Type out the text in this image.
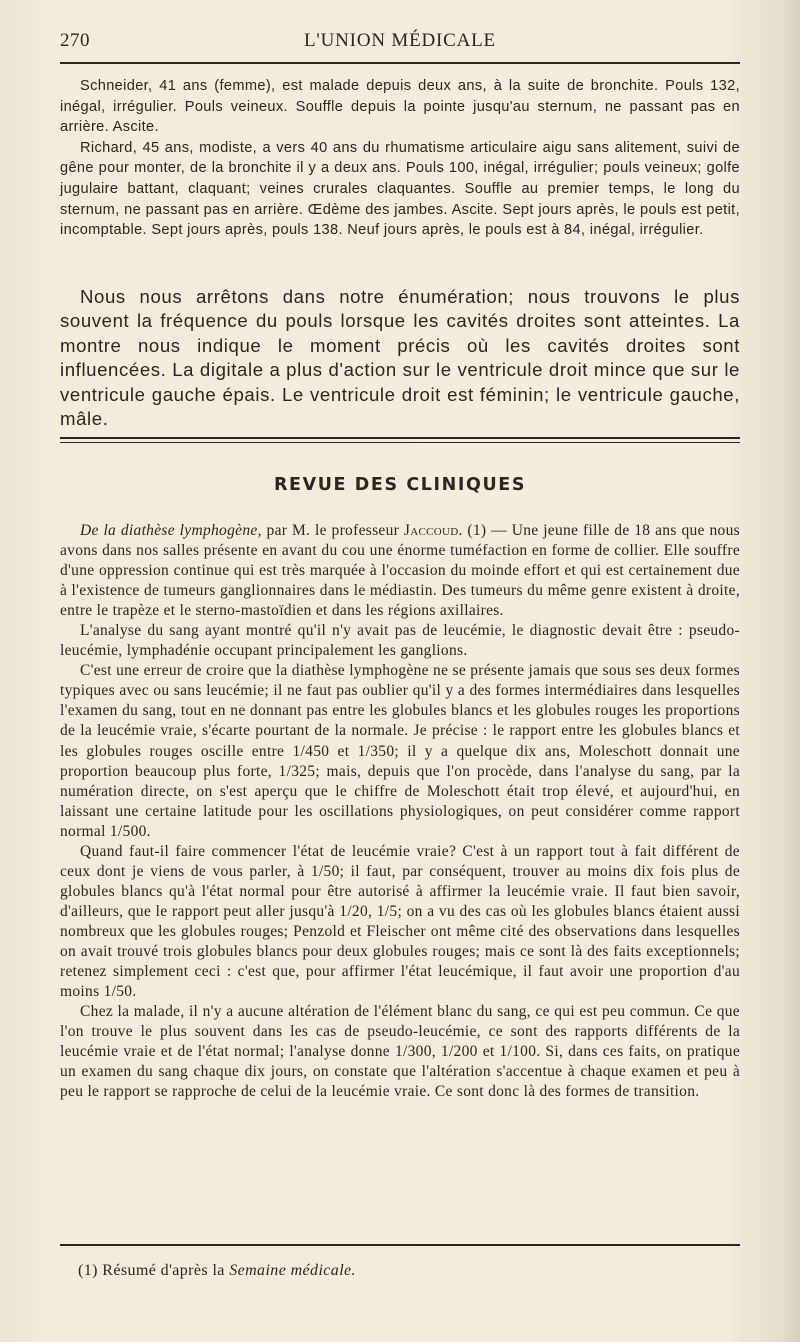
270	L'UNION MÉDICALE

Schneider, 41 ans (femme), est malade depuis deux ans, à la suite de bronchite. Pouls 132, inégal, irrégulier. Pouls veineux. Souffle depuis la pointe jusqu'au sternum, ne passant pas en arrière. Ascite.

Richard, 45 ans, modiste, a vers 40 ans du rhumatisme articulaire aigu sans alitement, suivi de gêne pour monter, de la bronchite il y a deux ans. Pouls 100, inégal, irrégulier; pouls veineux; golfe jugulaire battant, claquant; veines crurales claquantes. Souffle au premier temps, le long du sternum, ne passant pas en arrière. Œdème des jambes. Ascite. Sept jours après, le pouls est petit, incomptable. Sept jours après, pouls 138. Neuf jours après, le pouls est à 84, inégal, irrégulier.

Nous nous arrêtons dans notre énumération; nous trouvons le plus souvent la fréquence du pouls lorsque les cavités droites sont atteintes. La montre nous indique le moment précis où les cavités droites sont influencées. La digitale a plus d'action sur le ventricule droit mince que sur le ventricule gauche épais. Le ventricule droit est féminin; le ventricule gauche, mâle.

REVUE DES CLINIQUES

De la diathèse lymphogène, par M. le professeur Jaccoud. (1) — Une jeune fille de 18 ans que nous avons dans nos salles présente en avant du cou une énorme tuméfaction en forme de collier. Elle souffre d'une oppression continue qui est très marquée à l'occasion du moinde effort et qui est certainement due à l'existence de tumeurs ganglionnaires dans le médiastin. Des tumeurs du même genre existent à droite, entre le trapèze et le sterno-mastoïdien et dans les régions axillaires.

L'analyse du sang ayant montré qu'il n'y avait pas de leucémie, le diagnostic devait être : pseudo-leucémie, lymphadénie occupant principalement les ganglions.

C'est une erreur de croire que la diathèse lymphogène ne se présente jamais que sous ses deux formes typiques avec ou sans leucémie; il ne faut pas oublier qu'il y a des formes intermédiaires dans lesquelles l'examen du sang, tout en ne donnant pas entre les globules blancs et les globules rouges les proportions de la leucémie vraie, s'écarte pourtant de la normale. Je précise : le rapport entre les globules blancs et les globules rouges oscille entre 1/450 et 1/350; il y a quelque dix ans, Moleschott donnait une proportion beaucoup plus forte, 1/325; mais, depuis que l'on procède, dans l'analyse du sang, par la numération directe, on s'est aperçu que le chiffre de Moleschott était trop élevé, et aujourd'hui, en laissant une certaine latitude pour les oscillations physiologiques, on peut considérer comme rapport normal 1/500.

Quand faut-il faire commencer l'état de leucémie vraie? C'est à un rapport tout à fait différent de ceux dont je viens de vous parler, à 1/50; il faut, par conséquent, trouver au moins dix fois plus de globules blancs qu'à l'état normal pour être autorisé à affirmer la leucémie vraie. Il faut bien savoir, d'ailleurs, que le rapport peut aller jusqu'à 1/20, 1/5; on a vu des cas où les globules blancs étaient aussi nombreux que les globules rouges; Penzold et Fleischer ont même cité des observations dans lesquelles on avait trouvé trois globules blancs pour deux globules rouges; mais ce sont là des faits exceptionnels; retenez simplement ceci : c'est que, pour affirmer l'état leucémique, il faut avoir une proportion d'au moins 1/50.

Chez la malade, il n'y a aucune altération de l'élément blanc du sang, ce qui est peu commun. Ce que l'on trouve le plus souvent dans les cas de pseudo-leucémie, ce sont des rapports différents de la leucémie vraie et de l'état normal; l'analyse donne 1/300, 1/200 et 1/100. Si, dans ces faits, on pratique un examen du sang chaque dix jours, on constate que l'altération s'accentue à chaque examen et peu à peu le rapport se rapproche de celui de la leucémie vraie. Ce sont donc là des formes de transition.

(1) Résumé d'après la Semaine médicale.
